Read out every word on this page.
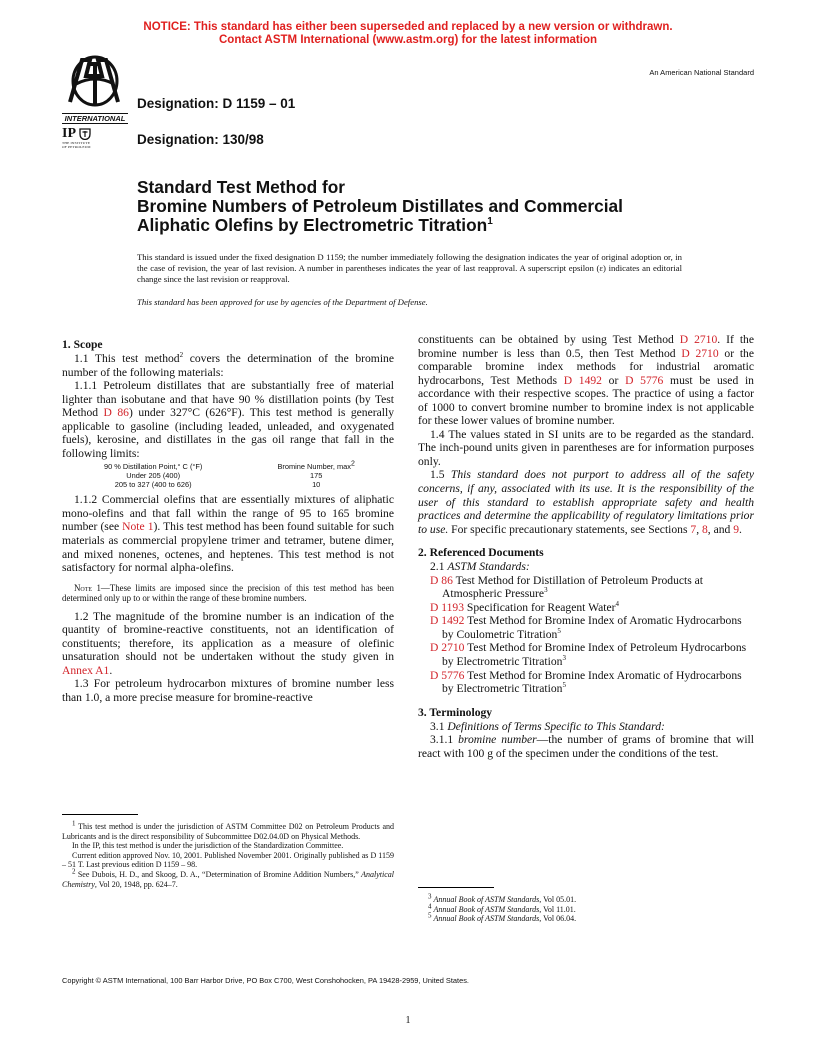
NOTICE: This standard has either been superseded and replaced by a new version or withdrawn.
Contact ASTM International (www.astm.org) for the latest information
INTERNATIONAL
Designation: D 1159 – 01
An American National Standard
IP
THE INSTITUTE OF PETROLEUM	Designation: 130/98
Standard Test Method for
Bromine Numbers of Petroleum Distillates and Commercial
Aliphatic Olefins by Electrometric Titration$^1$
This standard is issued under the fixed designation D 1159; the number immediately following the designation indicates the year of original adoption or, in the case of revision, the year of last revision. A number in parentheses indicates the year of last reapproval. A superscript epsilon (ε) indicates an editorial change since the last revision or reapproval.
This standard has been approved for use by agencies of the Department of Defense.
1. Scope

1.1 This test method$^2$ covers the determination of the bromine number of the following materials:

1.1.1 Petroleum distillates that are substantially free of material lighter than isobutane and that have 90 % distillation points (by Test Method D 86) under 327°C (626°F). This test method is generally applicable to gasoline (including leaded, unleaded, and oxygenated fuels), kerosine, and distillates in the gas oil range that fall in the following limits:

90 % Distillation Point,° C (°F)	Bromine Number, $\max^2$
Under 205 (400)	175
205 to 327 (400 to 626)	10

1.1.2 Commercial olefins that are essentially mixtures of aliphatic mono-olefins and that fall within the range of 95 to 165 bromine number (see Note 1). This test method has been found suitable for such materials as commercial propylene trimer and tetramer, butene dimer, and mixed nonenes, octenes, and heptenes. This test method is not satisfactory for normal alpha-olefins.

Note 1—These limits are imposed since the precision of this test method has been determined only up to or within the range of these bromine numbers.

1.2 The magnitude of the bromine number is an indication of the quantity of bromine-reactive constituents, not an identification of constituents; therefore, its application as a measure of olefinic unsaturation should not be undertaken without the study given in Annex A1.

1.3 For petroleum hydrocarbon mixtures of bromine number less than 1.0, a more precise measure for bromine-reactive

$^1$ This test method is under the jurisdiction of ASTM Committee D02 on Petroleum Products and Lubricants and is the direct responsibility of Subcommittee D02.04.0D on Physical Methods.

In the IP, this test method is under the jurisdiction of the Standardization Committee.

Current edition approved Nov. 10, 2001. Published November 2001. Originally published as D 1159 – 51 T. Last previous edition D 1159 – 98.

$^2$ See Dubois, H. D., and Skoog, D. A., “Determination of Bromine Addition Numbers,” Analytical Chemistry, Vol 20, 1948, pp. 624–7.

constituents can be obtained by using Test Method D 2710. If the bromine number is less than 0.5, then Test Method D 2710 or the comparable bromine index methods for industrial aromatic hydrocarbons, Test Methods D 1492 or D 5776 must be used in accordance with their respective scopes. The practice of using a factor of 1000 to convert bromine number to bromine index is not applicable for these lower values of bromine number.

1.4 The values stated in SI units are to be regarded as the standard. The inch-pound units given in parentheses are for information purposes only.

1.5 This standard does not purport to address all of the safety concerns, if any, associated with its use. It is the responsibility of the user of this standard to establish appropriate safety and health practices and determine the applicability of regulatory limitations prior to use. For specific precautionary statements, see Sections 7, 8, and 9.

2. Referenced Documents

2.1 ASTM Standards:

D 86 Test Method for Distillation of Petroleum Products at Atmospheric Pressure$^3$

D 1193 Specification for Reagent Water$^4$

D 1492 Test Method for Bromine Index of Aromatic Hydrocarbons by Coulometric Titration$^5$

D 2710 Test Method for Bromine Index of Petroleum Hydrocarbons by Electrometric Titration$^3$

D 5776 Test Method for Bromine Index Aromatic of Hydrocarbons by Electrometric Titration$^5$

3. Terminology

3.1 Definitions of Terms Specific to This Standard:

3.1.1 bromine number—the number of grams of bromine that will react with 100 g of the specimen under the conditions of the test.

$^3$ Annual Book of ASTM Standards, Vol 05.01.

$^4$ Annual Book of ASTM Standards, Vol 11.01.

$^5$ Annual Book of ASTM Standards, Vol 06.04.

Copyright © ASTM International, 100 Barr Harbor Drive, PO Box C700, West Conshohocken, PA 19428-2959, United States.
1
